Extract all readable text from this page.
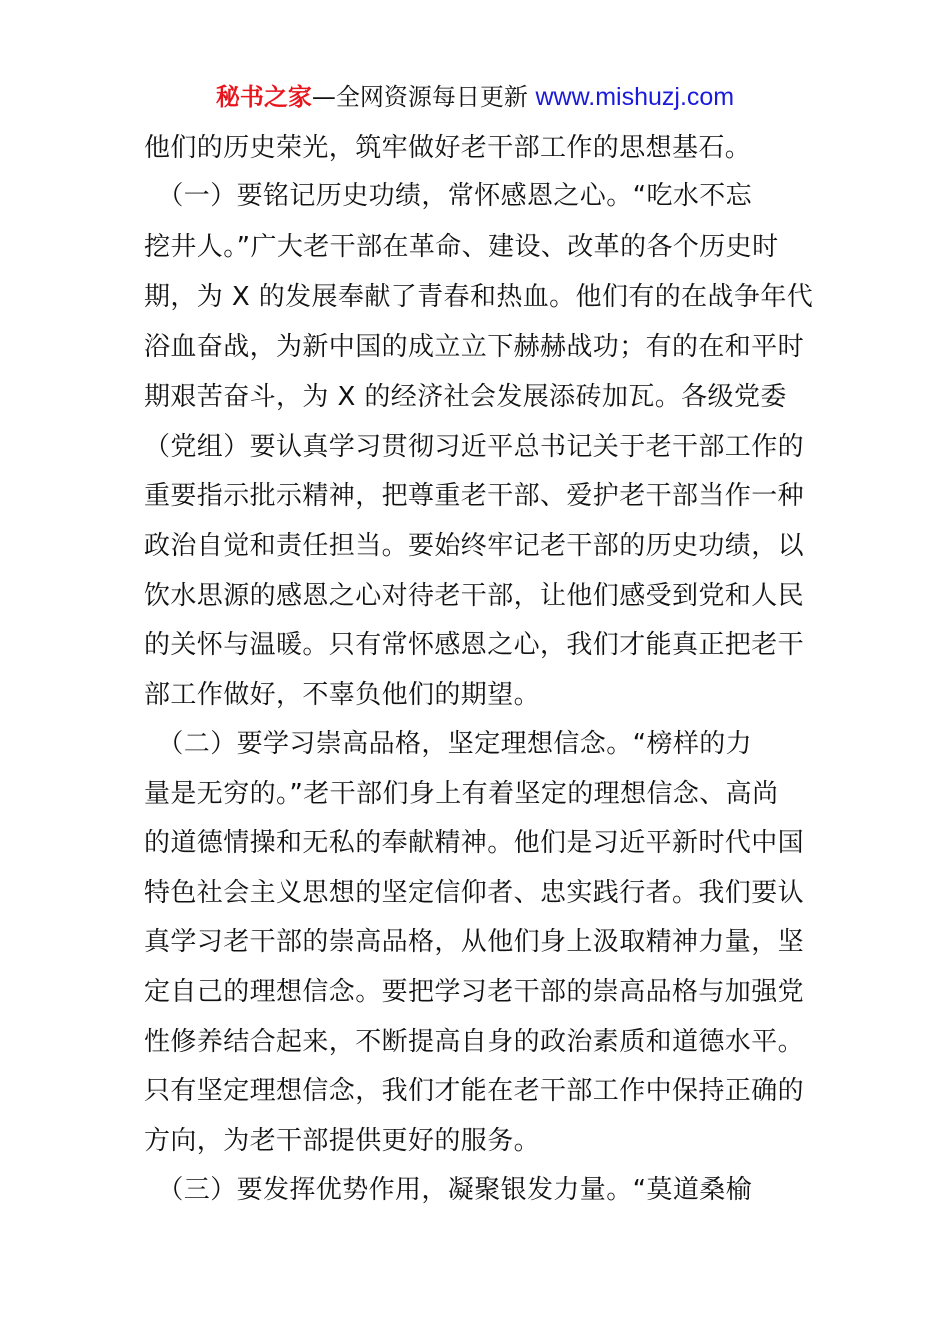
秘书之家—全网资源每日更新 www.mishuzj.com
他们的历史荣光，筑牢做好老干部工作的思想基石。
　（一）要铭记历史功绩，常怀感恩之心。“吃水不忘
挖井人。”广大老干部在革命、建设、改革的各个历史时
期，为 X 的发展奉献了青春和热血。他们有的在战争年代
浴血奋战，为新中国的成立立下赫赫战功；有的在和平时
期艰苦奋斗，为 X 的经济社会发展添砖加瓦。各级党委
（党组）要认真学习贯彻习近平总书记关于老干部工作的
重要指示批示精神，把尊重老干部、爱护老干部当作一种
政治自觉和责任担当。要始终牢记老干部的历史功绩，以
饮水思源的感恩之心对待老干部，让他们感受到党和人民
的关怀与温暖。只有常怀感恩之心，我们才能真正把老干
部工作做好，不辜负他们的期望。
　（二）要学习崇高品格，坚定理想信念。“榜样的力
量是无穷的。”老干部们身上有着坚定的理想信念、高尚
的道德情操和无私的奉献精神。他们是习近平新时代中国
特色社会主义思想的坚定信仰者、忠实践行者。我们要认
真学习老干部的崇高品格，从他们身上汲取精神力量，坚
定自己的理想信念。要把学习老干部的崇高品格与加强党
性修养结合起来，不断提高自身的政治素质和道德水平。
只有坚定理想信念，我们才能在老干部工作中保持正确的
方向，为老干部提供更好的服务。
　（三）要发挥优势作用，凝聚银发力量。“莫道桑榆
